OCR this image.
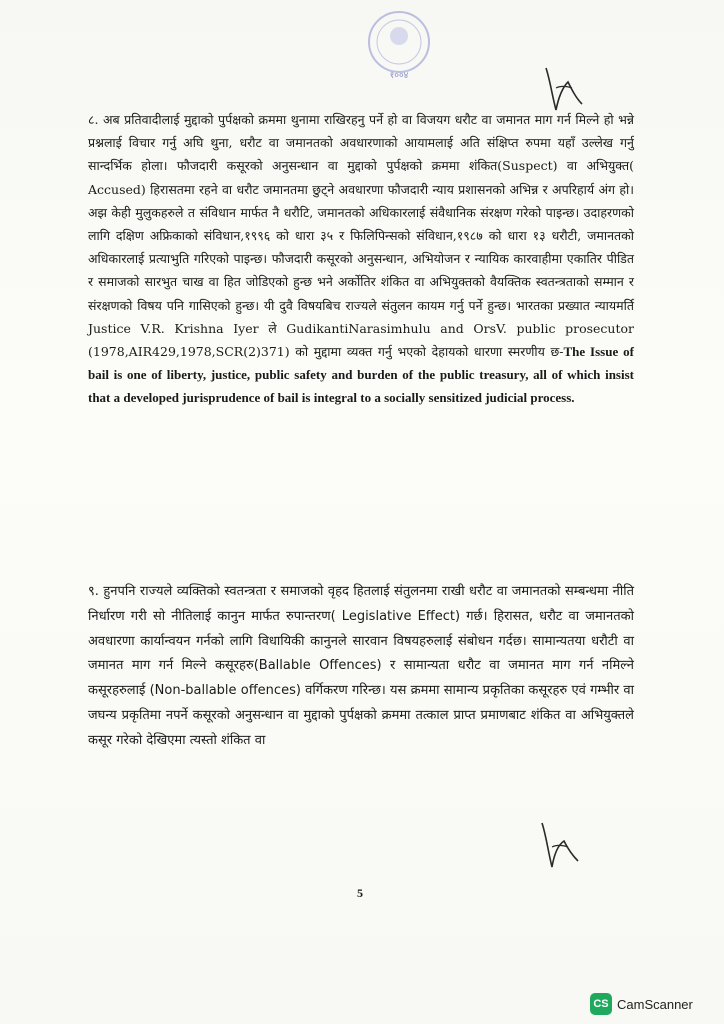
१००४
८. अब प्रतिवादीलाई मुद्दाको पुर्पक्षको क्रममा थुनामा राखिरहनु पर्ने हो वा विजयग धरौट वा जमानत माग गर्न मिल्ने हो भन्ने प्रश्नलाई विचार गर्नु अघि थुना, धरौट वा जमानतको अवधारणाको आयामलाई अति संक्षिप्त रुपमा यहाँ उल्लेख गर्नु सान्दर्भिक होला। फौजदारी कसूरको अनुसन्धान वा मुद्दाको पुर्पक्षको क्रममा शंकित(Suspect) वा अभियुक्त( Accused) हिरासतमा रहने वा धरौट जमानतमा छुट्ने अवधारणा फौजदारी न्याय प्रशासनको अभिन्न र अपरिहार्य अंग हो। अझ केही मुलुकहरुले त संविधान मार्फत नै धरौटि, जमानतको अधिकारलाई संवैधानिक संरक्षण गरेको पाइन्छ। उदाहरणको लागि दक्षिण अफ्रिकाको संविधान,१९९६ को धारा ३५ र फिलिपिन्सको संविधान,१९८७ को धारा १३ धरौटी, जमानतको अधिकारलाई प्रत्याभुति गरिएको पाइन्छ। फौजदारी कसूरको अनुसन्धान, अभियोजन र न्यायिक कारवाहीमा एकातिर पीडित र समाजको सारभुत चाख वा हित जोडिएको हुन्छ भने अर्कोतिर शंकित वा अभियुक्तको वैयक्तिक स्वतन्त्रताको सम्मान र संरक्षणको विषय पनि गासिएको हुन्छ। यी दुवै विषयबिच राज्यले संतुलन कायम गर्नु पर्ने हुन्छ। भारतका प्रख्यात न्यायमर्ति Justice V.R. Krishna Iyer ले GudikantiNarasimhulu and OrsV. public prosecutor (1978,AIR429,1978,SCR(2)371) को मुद्दामा व्यक्त गर्नु भएको देहायको धारणा स्मरणीय छ-The Issue of bail is one of liberty, justice, public safety and burden of the public treasury, all of which insist that a developed jurisprudence of bail is integral to a socially sensitized judicial process.
९. हुनपनि राज्यले व्यक्तिको स्वतन्त्रता र समाजको वृहद हितलाई संतुलनमा राखी धरौट वा जमानतको सम्बन्धमा नीति निर्धारण गरी सो नीतिलाई कानुन मार्फत रुपान्तरण( Legislative Effect) गर्छ। हिरासत, धरौट वा जमानतको अवधारणा कार्यान्वयन गर्नको लागि विधायिकी कानुनले सारवान विषयहरुलाई संबोधन गर्दछ। सामान्यतया धरौटी वा जमानत माग गर्न मिल्ने कसूरहरु(Ballable Offences) र सामान्यता धरौट वा जमानत माग गर्न नमिल्ने कसूरहरुलाई (Non-ballable offences) वर्गिकरण गरिन्छ। यस क्रममा सामान्य प्रकृतिका कसूरहरु एवं गम्भीर वा जघन्य प्रकृतिमा नपर्ने कसूरको अनुसन्धान वा मुद्दाको पुर्पक्षको क्रममा तत्काल प्राप्त प्रमाणबाट शंकित वा अभियुक्तले कसूर गरेको देखिएमा त्यस्तो शंकित वा
5
CS CamScanner
